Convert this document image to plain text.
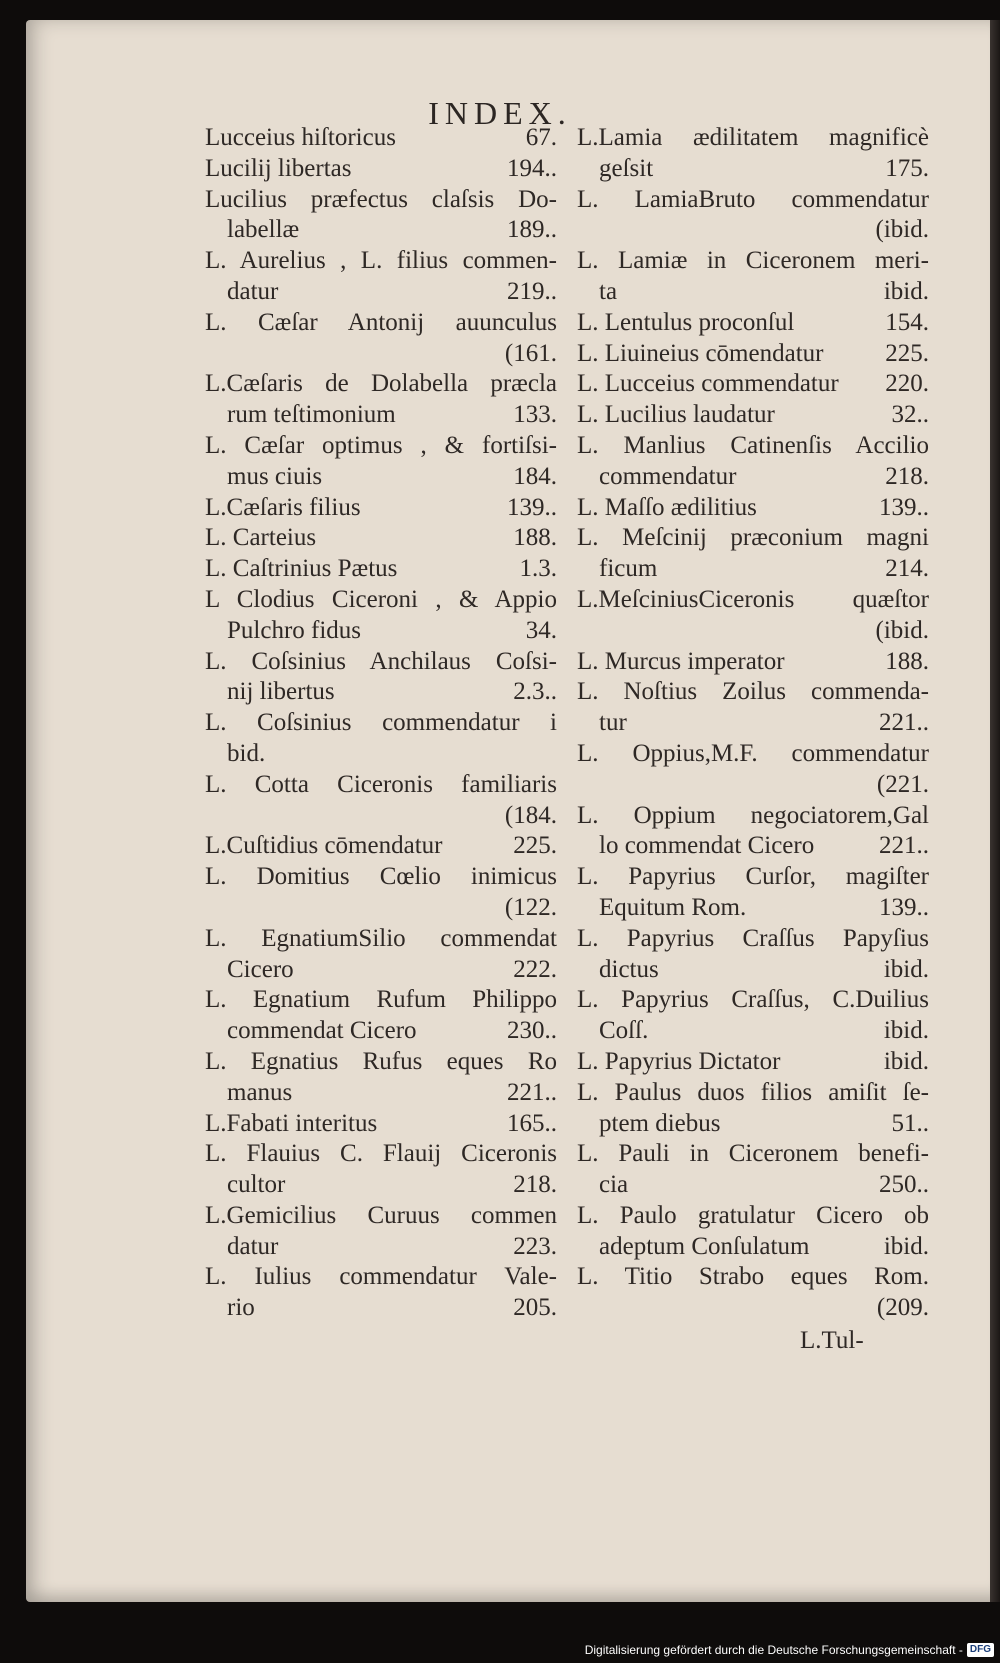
INDEX.
Lucceius hiſtoricus	67.
Lucilij libertas	194..
Lucilius præfectus claſsis Do-
labellæ	189..
L. Aurelius , L. filius commen-
datur	219..
L. Cæſar Antonij auunculus
(161.
L.Cæſaris de Dolabella præcla
rum teſtimonium	133.
L. Cæſar optimus , & fortiſsi-
mus ciuis	184.
L.Cæſaris filius	139..
L. Carteius	188.
L. Caſtrinius Pætus	1.3.
L Clodius Ciceroni , & Appio
Pulchro fidus	34.
L. Coſsinius Anchilaus Coſsi-
nij libertus	2.3..
L. Coſsinius commendatur i
bid.
L. Cotta Ciceronis familiaris
(184.
L.Cuſtidius cōmendatur	225.
L. Domitius Cœlio inimicus
(122.
L. EgnatiumSilio commendat
Cicero	222.
L. Egnatium Rufum Philippo
commendat Cicero	230..
L. Egnatius Rufus eques Ro
manus	221..
L.Fabati interitus	165..
L. Flauius C. Flauij Ciceronis
cultor	218.
L.Gemicilius Curuus commen
datur	223.
L. Iulius commendatur Vale-
rio	205.
L.Lamia ædilitatem magnificè
geſsit	175.
L. LamiaBruto commendatur
(ibid.
L. Lamiæ in Ciceronem meri-
ta	ibid.
L. Lentulus proconſul	154.
L. Liuineius cōmendatur 225.
L. Lucceius commendatur 220.
L. Lucilius laudatur	32..
L. Manlius Catinenſis Accilio
commendatur	218.
L. Maſſo ædilitius	139..
L. Meſcinij præconium magni
ficum	214.
L.MeſciniusCiceronis quæſtor
(ibid.
L. Murcus imperator	188.
L. Noſtius Zoilus commenda-
tur	221..
L. Oppius,M.F. commendatur
(221.
L. Oppium negociatorem,Gal
lo commendat Cicero	221..
L. Papyrius Curſor, magiſter
Equitum Rom.	139..
L. Papyrius Craſſus Papyſius
dictus	ibid.
L. Papyrius Craſſus, C.Duilius
Coſſ.	ibid.
L. Papyrius Dictator	ibid.
L. Paulus duos filios amiſit ſe-
ptem diebus	51..
L. Pauli in Ciceronem benefi-
cia	250..
L. Paulo gratulatur Cicero ob
adeptum Conſulatum	ibid.
L. Titio Strabo eques Rom.
(209.
L.Tul-
Digitalisierung gefördert durch die Deutsche Forschungsgemeinschaft - DFG
